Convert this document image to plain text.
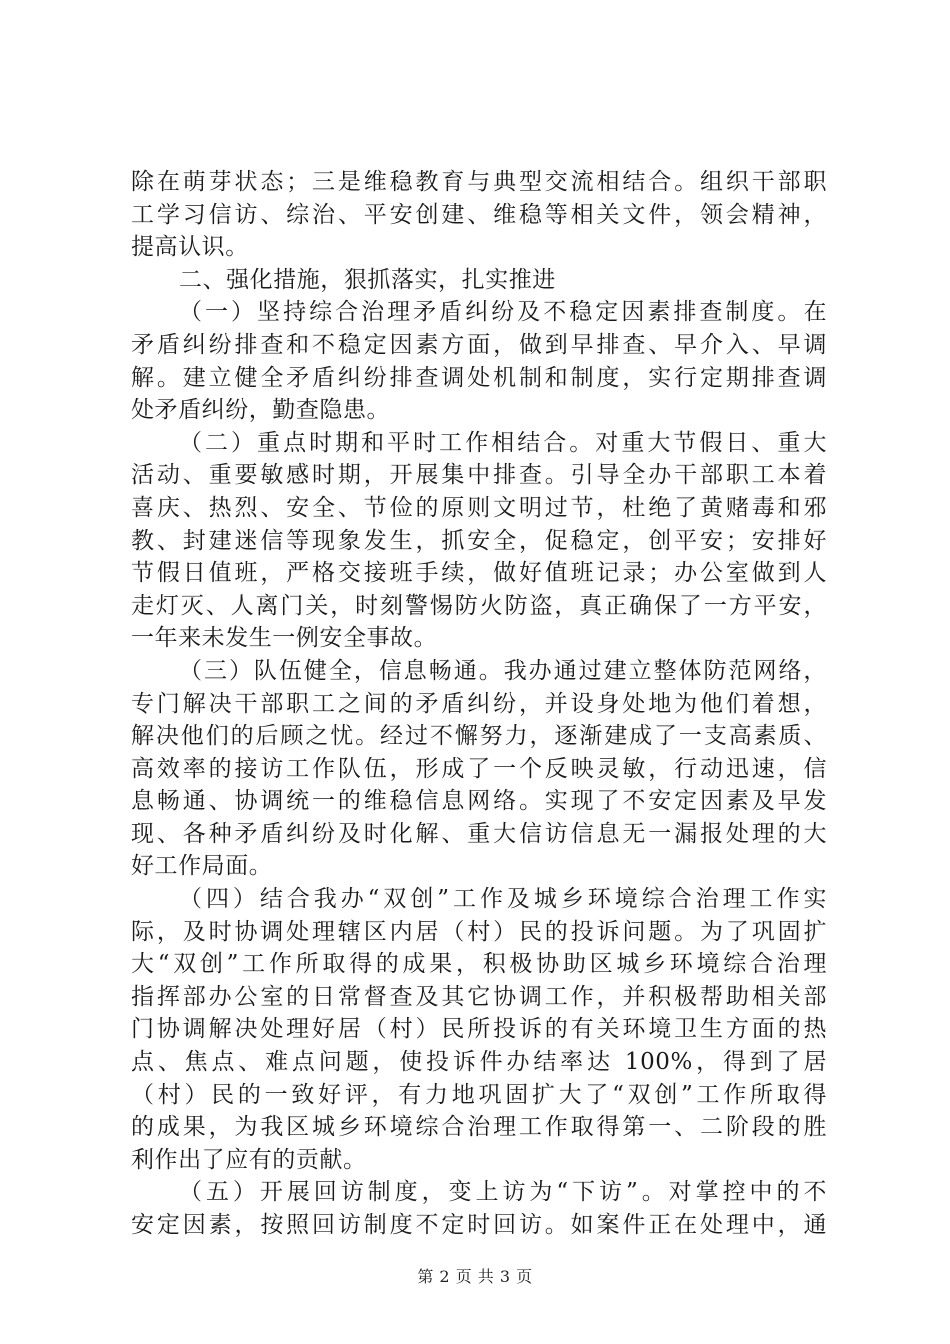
除在萌芽状态；三是维稳教育与典型交流相结合。组织干部职
工学习信访、综治、平安创建、维稳等相关文件，领会精神，
提高认识。
二、强化措施，狠抓落实，扎实推进
（一）坚持综合治理矛盾纠纷及不稳定因素排查制度。在
矛盾纠纷排查和不稳定因素方面，做到早排查、早介入、早调
解。建立健全矛盾纠纷排查调处机制和制度，实行定期排查调
处矛盾纠纷，勤查隐患。
（二）重点时期和平时工作相结合。对重大节假日、重大
活动、重要敏感时期，开展集中排查。引导全办干部职工本着
喜庆、热烈、安全、节俭的原则文明过节，杜绝了黄赌毒和邪
教、封建迷信等现象发生，抓安全，促稳定，创平安；安排好
节假日值班，严格交接班手续，做好值班记录；办公室做到人
走灯灭、人离门关，时刻警惕防火防盗，真正确保了一方平安，
一年来未发生一例安全事故。
（三）队伍健全，信息畅通。我办通过建立整体防范网络，
专门解决干部职工之间的矛盾纠纷，并设身处地为他们着想，
解决他们的后顾之忧。经过不懈努力，逐渐建成了一支高素质、
高效率的接访工作队伍，形成了一个反映灵敏，行动迅速，信
息畅通、协调统一的维稳信息网络。实现了不安定因素及早发
现、各种矛盾纠纷及时化解、重大信访信息无一漏报处理的大
好工作局面。
（四）结合我办“双创”工作及城乡环境综合治理工作实
际，及时协调处理辖区内居（村）民的投诉问题。为了巩固扩
大“双创”工作所取得的成果，积极协助区城乡环境综合治理
指挥部办公室的日常督查及其它协调工作，并积极帮助相关部
门协调解决处理好居（村）民所投诉的有关环境卫生方面的热
点、焦点、难点问题，使投诉件办结率达 100%，得到了居
（村）民的一致好评，有力地巩固扩大了“双创”工作所取得
的成果，为我区城乡环境综合治理工作取得第一、二阶段的胜
利作出了应有的贡献。
（五）开展回访制度，变上访为“下访”。对掌控中的不
安定因素，按照回访制度不定时回访。如案件正在处理中，通
第 2 页 共 3 页
